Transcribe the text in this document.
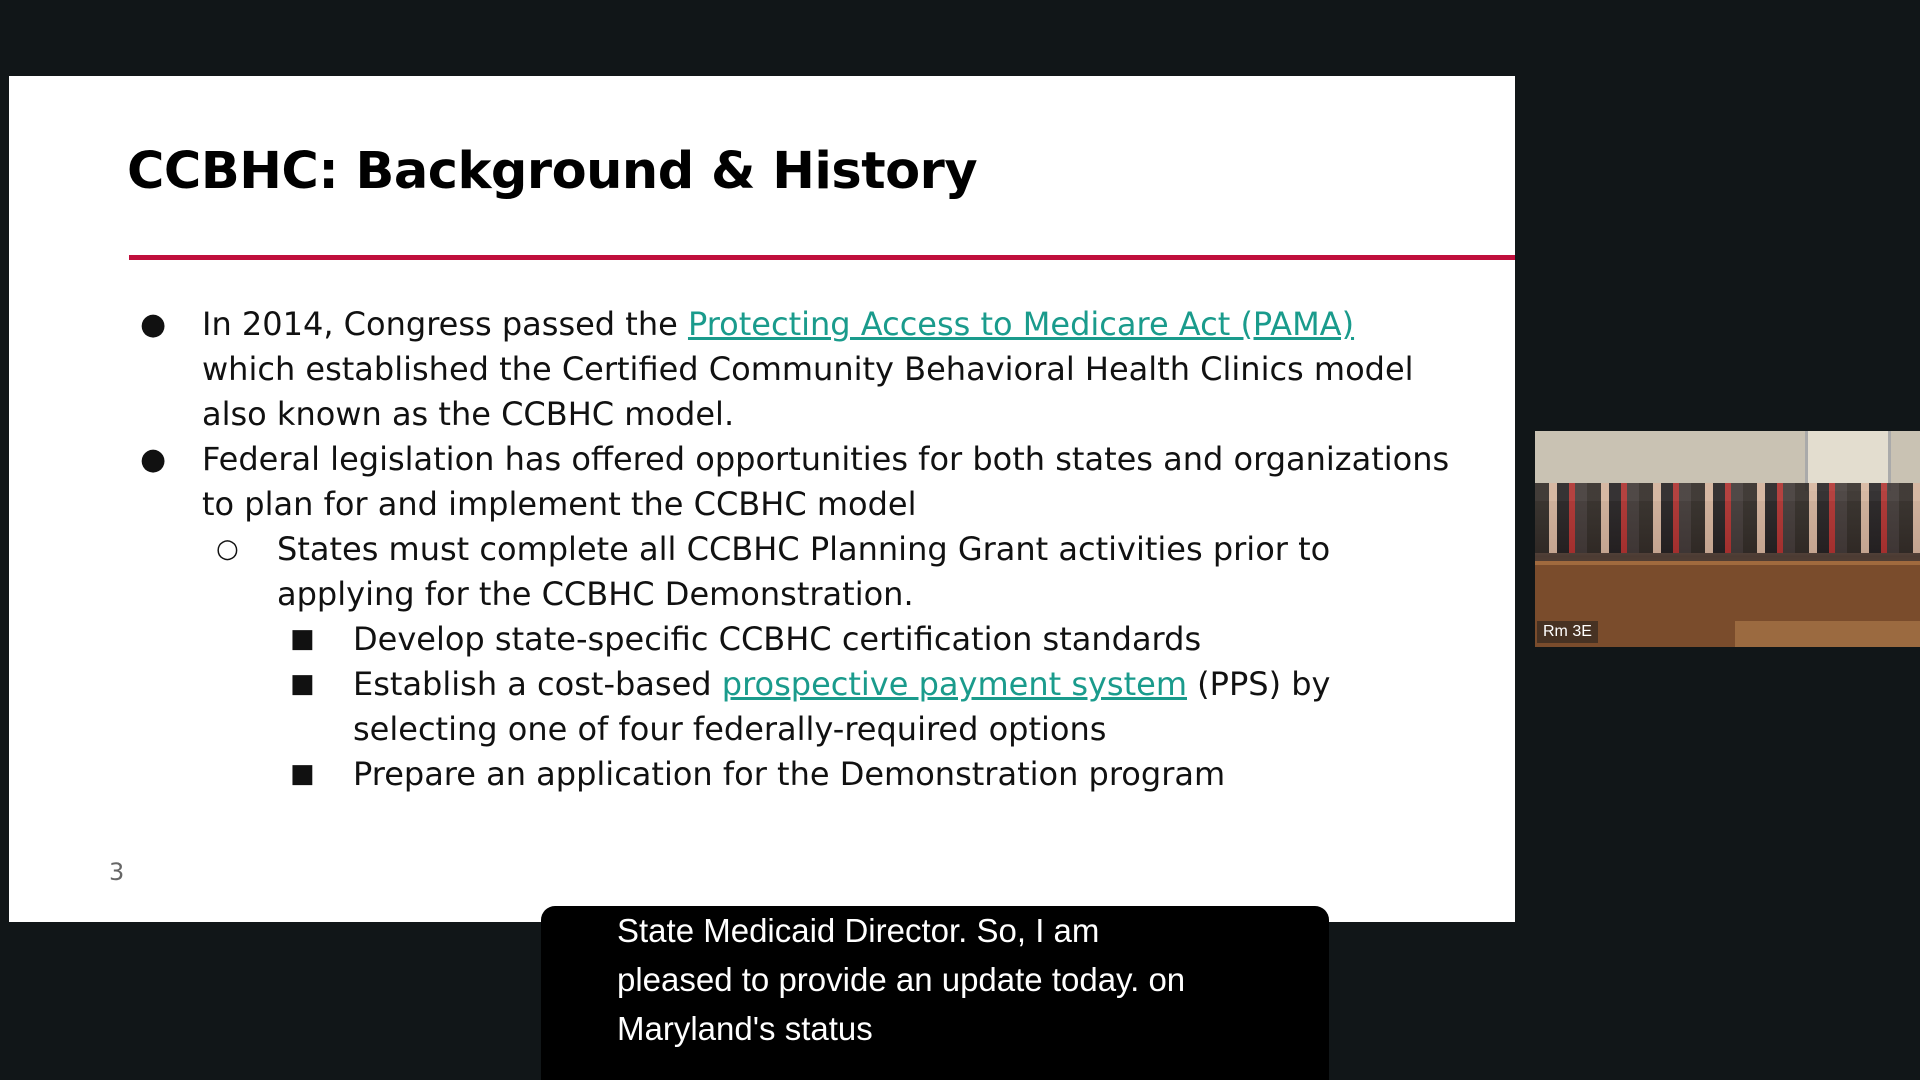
CCBHC: Background & History
● In 2014, Congress passed the Protecting Access to Medicare Act (PAMA)
which established the Certified Community Behavioral Health Clinics model
also known as the CCBHC model.
● Federal legislation has offered opportunities for both states and organizations
to plan for and implement the CCBHC model
○ States must complete all CCBHC Planning Grant activities prior to
applying for the CCBHC Demonstration.
■ Develop state-specific CCBHC certification standards
■ Establish a cost-based prospective payment system (PPS) by
selecting one of four federally-required options
■ Prepare an application for the Demonstration program
3
Rm 3E
State Medicaid Director. So, I am
pleased to provide an update today. on
Maryland's status
